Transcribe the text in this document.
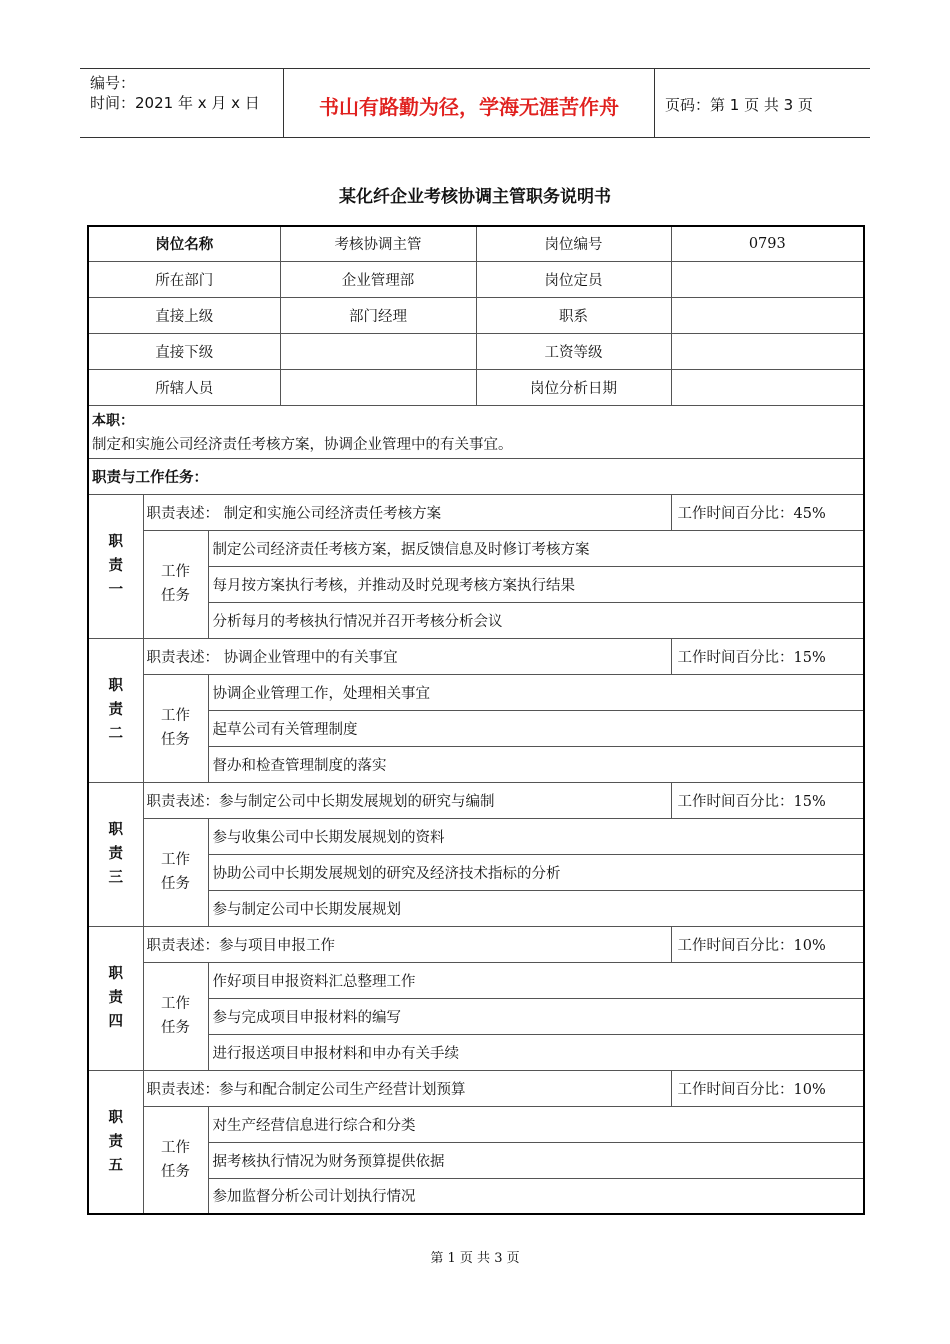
编号：
时间：2021 年 x 月 x 日	书山有路勤为径，学海无涯苦作舟	页码：第 1 页 共 3 页
某化纤企业考核协调主管职务说明书
岗位名称			考核协调主管	岗位编号	0793
所在部门			企业管理部	岗位定员	
直接上级			部门经理	职系	
直接下级				工资等级	
所辖人员				岗位分析日期	

本职：
制定和实施公司经济责任考核方案，协调企业管理中的有关事宜。					

职责与工作任务：					
职责一	职责表述： 制定和实施公司经济责任考核方案				工作时间百分比：45%
	工作任务	制定公司经济责任考核方案，据反馈信息及时修订考核方案			
		每月按方案执行考核，并推动及时兑现考核方案执行结果			
		分析每月的考核执行情况并召开考核分析会议			
职责二	职责表述： 协调企业管理中的有关事宜				工作时间百分比：15%
	工作任务	协调企业管理工作，处理相关事宜			
		起草公司有关管理制度			
		督办和检查管理制度的落实			
职责三	职责表述：参与制定公司中长期发展规划的研究与编制				工作时间百分比：15%
	工作任务	参与收集公司中长期发展规划的资料			
		协助公司中长期发展规划的研究及经济技术指标的分析			
		参与制定公司中长期发展规划			
职责四	职责表述：参与项目申报工作				工作时间百分比：10%
	工作任务	作好项目申报资料汇总整理工作			
		参与完成项目申报材料的编写			
		进行报送项目申报材料和申办有关手续			
职责五	职责表述：参与和配合制定公司生产经营计划预算				工作时间百分比：10%
	工作任务	对生产经营信息进行综合和分类			
		据考核执行情况为财务预算提供依据			
		参加监督分析公司计划执行情况			
第 1 页 共 3 页
